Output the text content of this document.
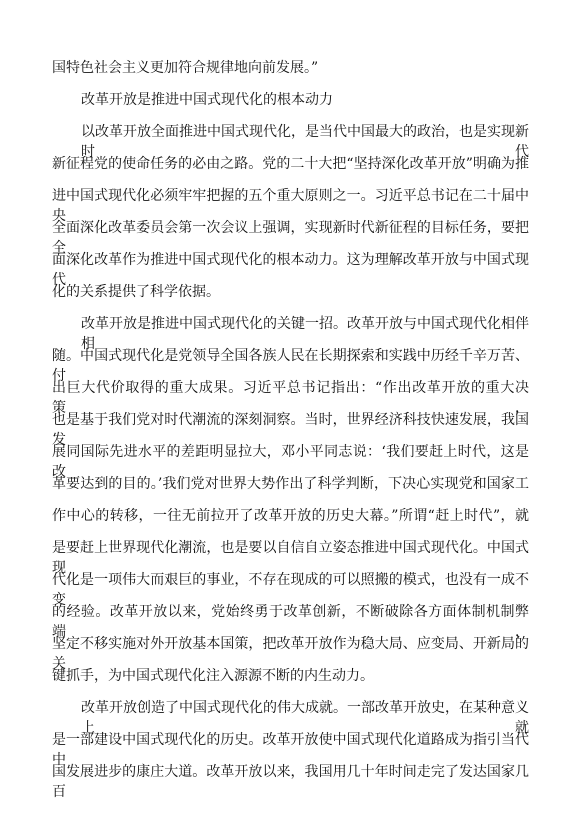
国特色社会主义更加符合规律地向前发展。”

改革开放是推进中国式现代化的根本动力

以改革开放全面推进中国式现代化，是当代中国最大的政治，也是实现新时代

新征程党的使命任务的必由之路。党的二十大把“坚持深化改革开放”明确为推

进中国式现代化必须牢牢把握的五个重大原则之一。习近平总书记在二十届中央

全面深化改革委员会第一次会议上强调，实现新时代新征程的目标任务，要把全

面深化改革作为推进中国式现代化的根本动力。这为理解改革开放与中国式现代

化的关系提供了科学依据。

改革开放是推进中国式现代化的关键一招。改革开放与中国式现代化相伴相

随。中国式现代化是党领导全国各族人民在长期探索和实践中历经千辛万苦、付

出巨大代价取得的重大成果。习近平总书记指出：“作出改革开放的重大决策，

也是基于我们党对时代潮流的深刻洞察。当时，世界经济科技快速发展，我国发

展同国际先进水平的差距明显拉大，邓小平同志说：‘我们要赶上时代，这是改

革要达到的目的。’我们党对世界大势作出了科学判断，下决心实现党和国家工

作中心的转移，一往无前拉开了改革开放的历史大幕。”所谓“赶上时代”，就

是要赶上世界现代化潮流，也是要以自信自立姿态推进中国式现代化。中国式现

代化是一项伟大而艰巨的事业，不存在现成的可以照搬的模式，也没有一成不变

的经验。改革开放以来，党始终勇于改革创新，不断破除各方面体制机制弊端，

坚定不移实施对外开放基本国策，把改革开放作为稳大局、应变局、开新局的关

键抓手，为中国式现代化注入源源不断的内生动力。

改革开放创造了中国式现代化的伟大成就。一部改革开放史，在某种意义上就

是一部建设中国式现代化的历史。改革开放使中国式现代化道路成为指引当代中

国发展进步的康庄大道。改革开放以来，我国用几十年时间走完了发达国家几百
